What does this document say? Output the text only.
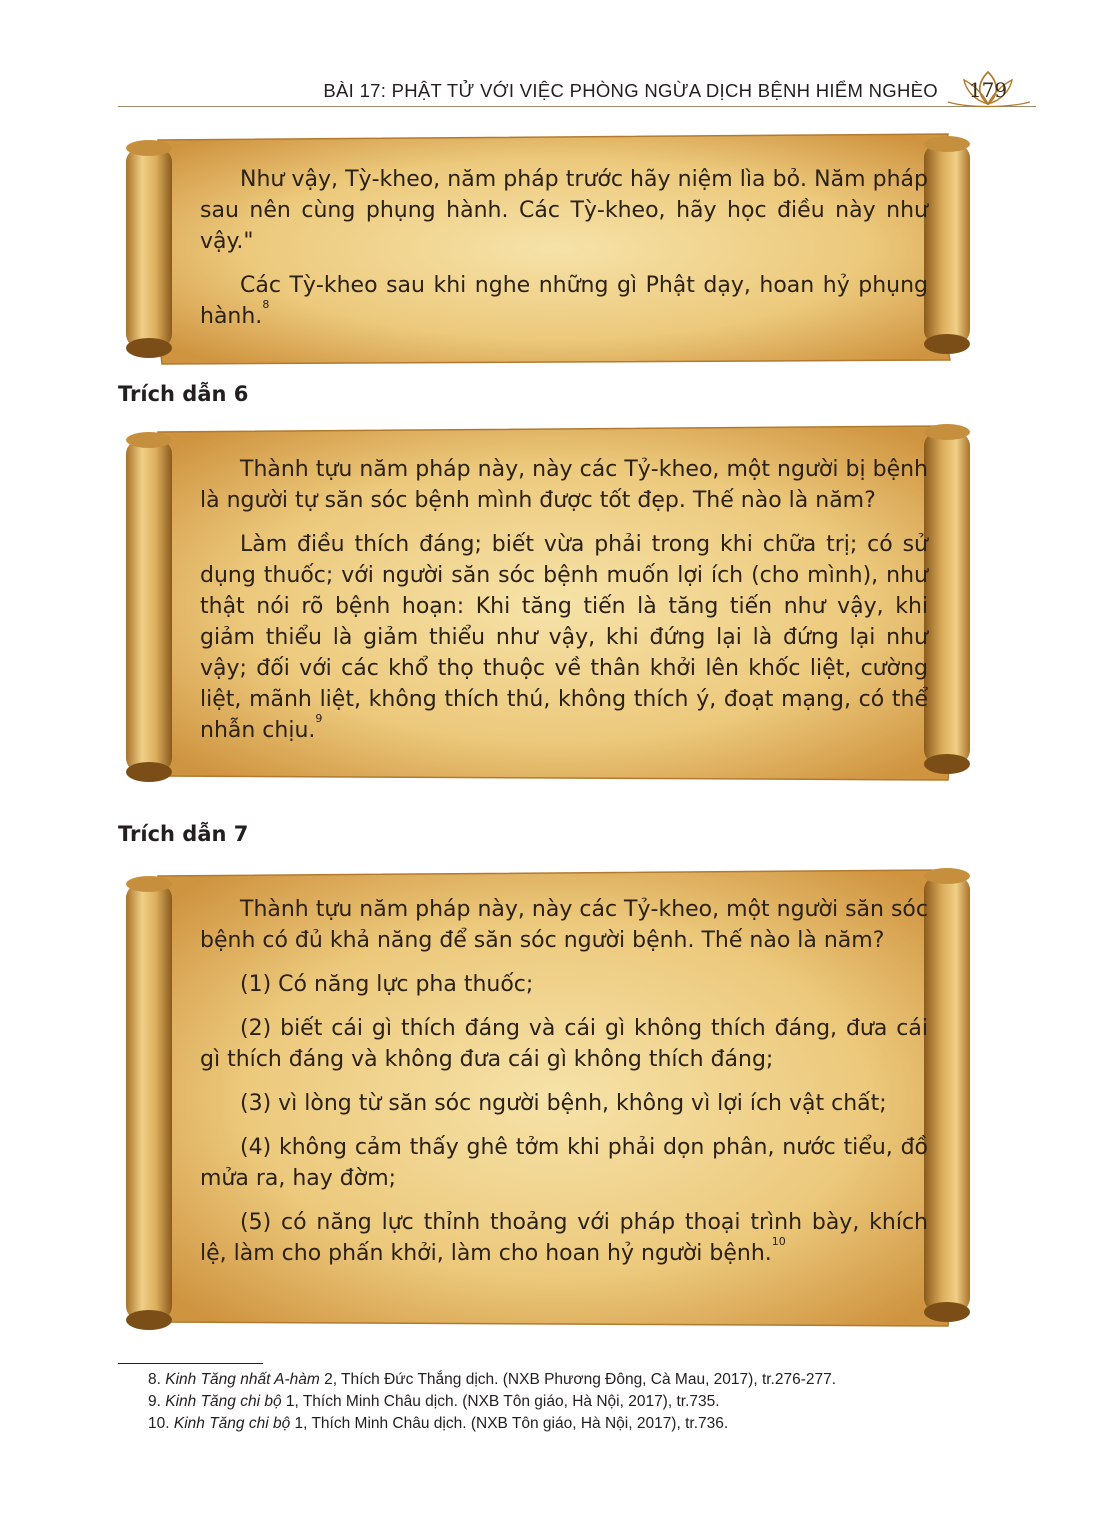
BÀI 17: PHẬT TỬ VỚI VIỆC PHÒNG NGỪA DỊCH BỆNH HIỂM NGHÈO 179

Như vậy, Tỳ-kheo, năm pháp trước hãy niệm lìa bỏ. Năm pháp sau nên cùng phụng hành. Các Tỳ-kheo, hãy học điều này như vậy."

Các Tỳ-kheo sau khi nghe những gì Phật dạy, hoan hỷ phụng hành.$^8$

Trích dẫn 6

Thành tựu năm pháp này, này các Tỷ-kheo, một người bị bệnh là người tự săn sóc bệnh mình được tốt đẹp. Thế nào là năm?

Làm điều thích đáng; biết vừa phải trong khi chữa trị; có sử dụng thuốc; với người săn sóc bệnh muốn lợi ích (cho mình), như thật nói rõ bệnh hoạn: Khi tăng tiến là tăng tiến như vậy, khi giảm thiểu là giảm thiểu như vậy, khi đứng lại là đứng lại như vậy; đối với các khổ thọ thuộc về thân khởi lên khốc liệt, cường liệt, mãnh liệt, không thích thú, không thích ý, đoạt mạng, có thể nhẫn chịu.$^9$

Trích dẫn 7

Thành tựu năm pháp này, này các Tỷ-kheo, một người săn sóc bệnh có đủ khả năng để săn sóc người bệnh. Thế nào là năm?

(1) Có năng lực pha thuốc;

(2) biết cái gì thích đáng và cái gì không thích đáng, đưa cái gì thích đáng và không đưa cái gì không thích đáng;

(3) vì lòng từ săn sóc người bệnh, không vì lợi ích vật chất;

(4) không cảm thấy ghê tởm khi phải dọn phân, nước tiểu, đồ mửa ra, hay đờm;

(5) có năng lực thỉnh thoảng với pháp thoại trình bày, khích lệ, làm cho phấn khởi, làm cho hoan hỷ người bệnh.$^{10}$

8. Kinh Tăng nhất A-hàm 2, Thích Đức Thắng dịch. (NXB Phương Đông, Cà Mau, 2017), tr.276-277.
9. Kinh Tăng chi bộ 1, Thích Minh Châu dịch. (NXB Tôn giáo, Hà Nội, 2017), tr.735.
10. Kinh Tăng chi bộ 1, Thích Minh Châu dịch. (NXB Tôn giáo, Hà Nội, 2017), tr.736.
